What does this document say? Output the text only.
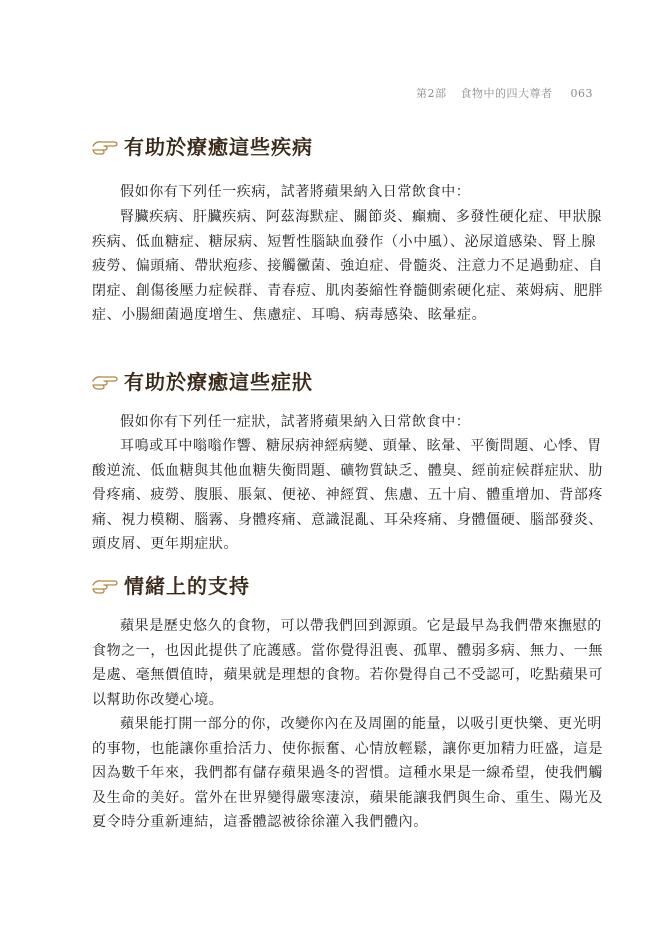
第2部 食物中的四大尊者 063
有助於療癒這些疾病

假如你有下列任一疾病，試著將蘋果納入日常飲食中：

腎臟疾病、肝臟疾病、阿茲海默症、關節炎、癲癇、多發性硬化症、甲狀腺疾病、低血糖症、糖尿病、短暫性腦缺血發作（小中風）、泌尿道感染、腎上腺疲勞、偏頭痛、帶狀疱疹、接觸黴菌、強迫症、骨髓炎、注意力不足過動症、自閉症、創傷後壓力症候群、青春痘、肌肉萎縮性脊髓側索硬化症、萊姆病、肥胖症、小腸細菌過度增生、焦慮症、耳鳴、病毒感染、眩暈症。

有助於療癒這些症狀

假如你有下列任一症狀，試著將蘋果納入日常飲食中：

耳鳴或耳中嗡嗡作響、糖尿病神經病變、頭暈、眩暈、平衡問題、心悸、胃酸逆流、低血糖與其他血糖失衡問題、礦物質缺乏、體臭、經前症候群症狀、肋骨疼痛、疲勞、腹脹、脹氣、便祕、神經質、焦慮、五十肩、體重增加、背部疼痛、視力模糊、腦霧、身體疼痛、意識混亂、耳朵疼痛、身體僵硬、腦部發炎、頭皮屑、更年期症狀。

情緒上的支持

蘋果是歷史悠久的食物，可以帶我們回到源頭。它是最早為我們帶來撫慰的食物之一，也因此提供了庇護感。當你覺得沮喪、孤單、體弱多病、無力、一無是處、毫無價值時，蘋果就是理想的食物。若你覺得自己不受認可，吃點蘋果可以幫助你改變心境。

蘋果能打開一部分的你，改變你內在及周圍的能量，以吸引更快樂、更光明的事物，也能讓你重拾活力、使你振奮、心情放輕鬆，讓你更加精力旺盛，這是因為數千年來，我們都有儲存蘋果過冬的習慣。這種水果是一線希望，使我們觸及生命的美好。當外在世界變得嚴寒淒涼，蘋果能讓我們與生命、重生、陽光及夏令時分重新連結，這番體認被徐徐灌入我們體內。
